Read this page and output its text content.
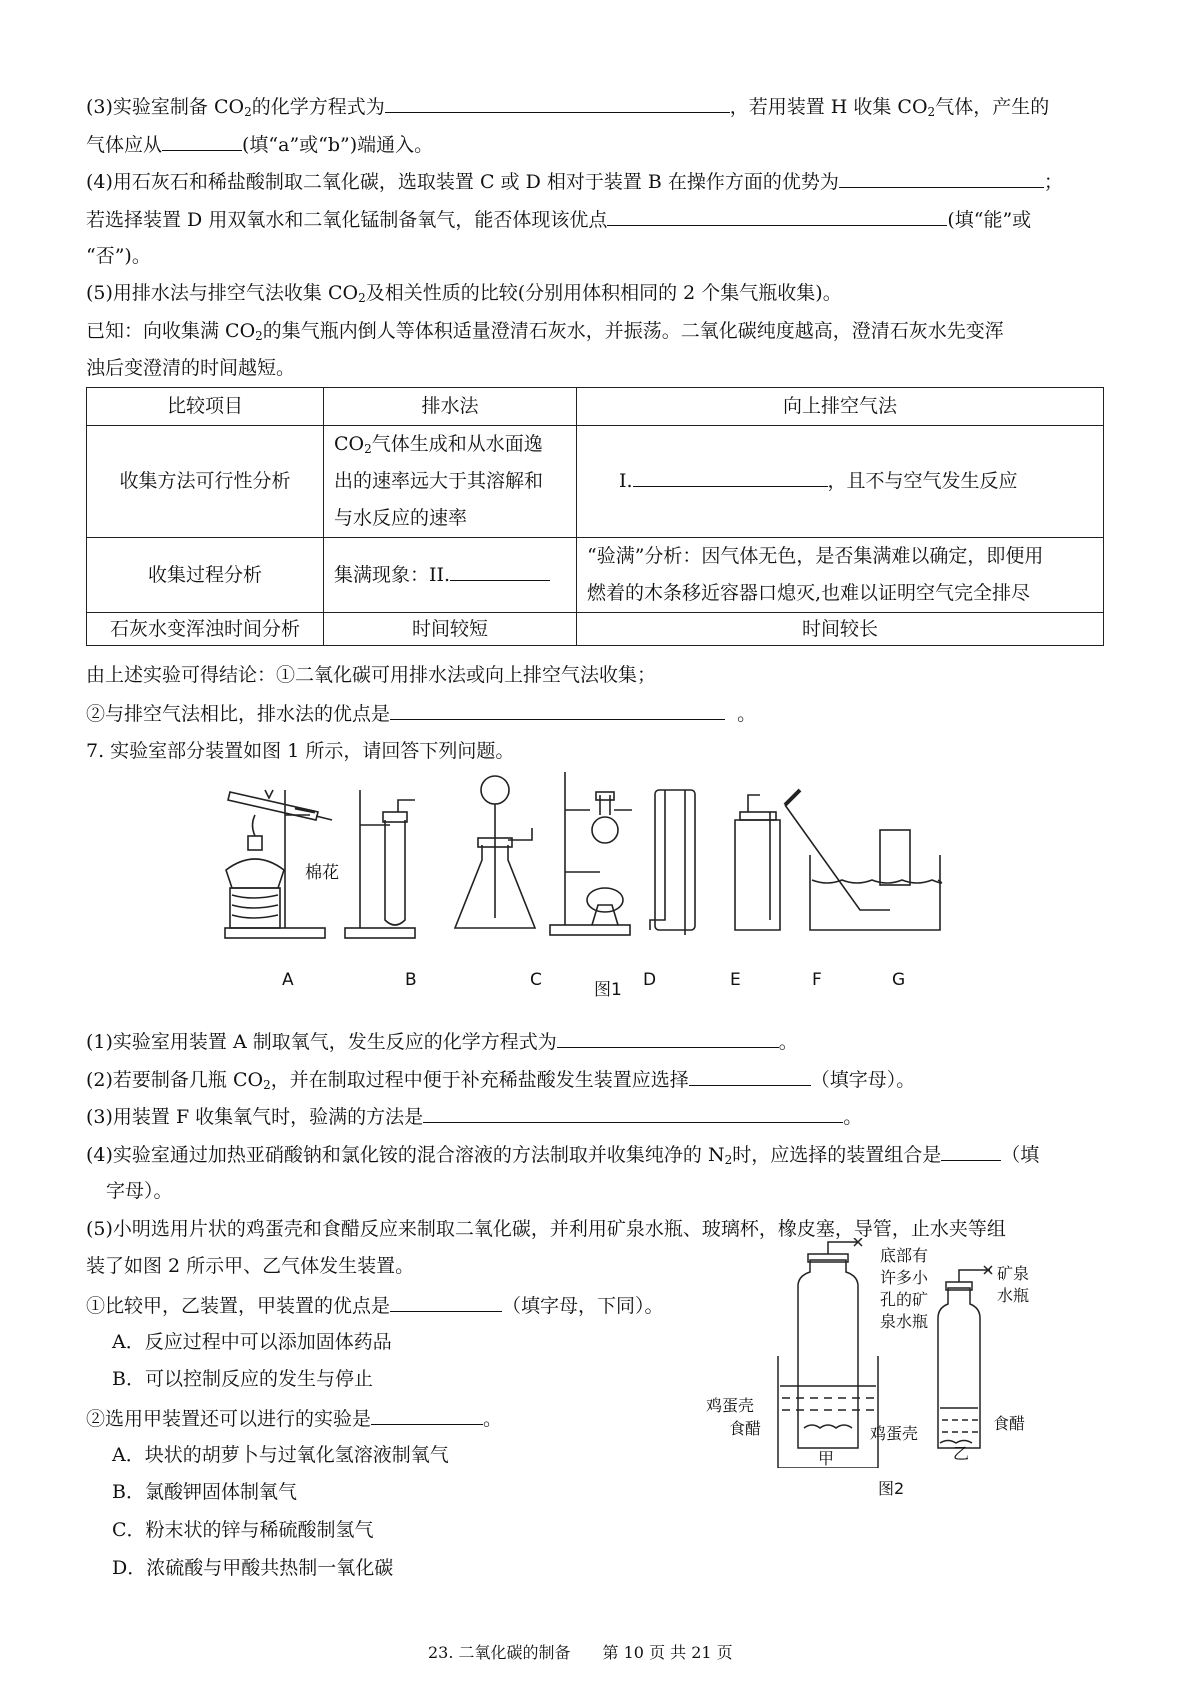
(3)实验室制备 $CO_2$的化学方程式为	，若用装置 H 收集 $CO_2$气体，产生的
气体应从	(填“a”或“b”)端通入。
(4)用石灰石和稀盐酸制取二氧化碳，选取装置 C 或 D 相对于装置 B 在操作方面的优势为	；
若选择装置 D 用双氧水和二氧化锰制备氧气，能否体现该优点	(填“能”或
“否”)。
(5)用排水法与排空气法收集 $CO_2$及相关性质的比较(分别用体积相同的 2 个集气瓶收集)。
已知：向收集满 $CO_2$的集气瓶内倒人等体积适量澄清石灰水，并振荡。二氧化碳纯度越高，澄清石灰水先变浑
浊后变澄清的时间越短。
比较项目	排水法	向上排空气法
收集方法可行性分析	$CO_2$气体生成和从水面逸
出的速率远大于其溶解和
与水反应的速率	I. ，且不与空气发生反应
收集过程分析	集满现象：II.	“验满”分析：因气体无色，是否集满难以确定，即便用
燃着的木条移近容器口熄灭,也难以证明空气完全排尽
石灰水变浑浊时间分析	时间较短	时间较长
由上述实验可得结论：①二氧化碳可用排水法或向上排空气法收集；
②与排空气法相比，排水法的优点是	。
7. 实验室部分装置如图 1 所示，请回答下列问题。
棉花
A	B	C	D	E	F	G
图1
(1)实验室用装置 A 制取氧气，发生反应的化学方程式为	。
(2)若要制备几瓶 $CO_2$，并在制取过程中便于补充稀盐酸发生装置应选择	（填字母）。
(3)用装置 F 收集氧气时，验满的方法是	。
(4)实验室通过加热亚硝酸钠和氯化铵的混合溶液的方法制取并收集纯净的 $N_2$时，应选择的装置组合是	（填
字母）。
(5)小明选用片状的鸡蛋壳和食醋反应来制取二氧化碳，并利用矿泉水瓶、玻璃杯，橡皮塞，导管，止水夹等组
装了如图 2 所示甲、乙气体发生装置。
①比较甲，乙装置，甲装置的优点是	（填字母，下同）。
A．反应过程中可以添加固体药品
B．可以控制反应的发生与停止
②选用甲装置还可以进行的实验是	。
A．块状的胡萝卜与过氧化氢溶液制氧气
B．氯酸钾固体制氧气
C．粉末状的锌与稀硫酸制氢气
D．浓硫酸与甲酸共热制一氧化碳
底部有
许多小
孔的矿
泉水瓶
矿泉
水瓶
鸡蛋壳
食醋	鸡蛋壳
食醋
甲	乙
图2
23. 二氧化碳的制备　　第 10 页 共 21 页
